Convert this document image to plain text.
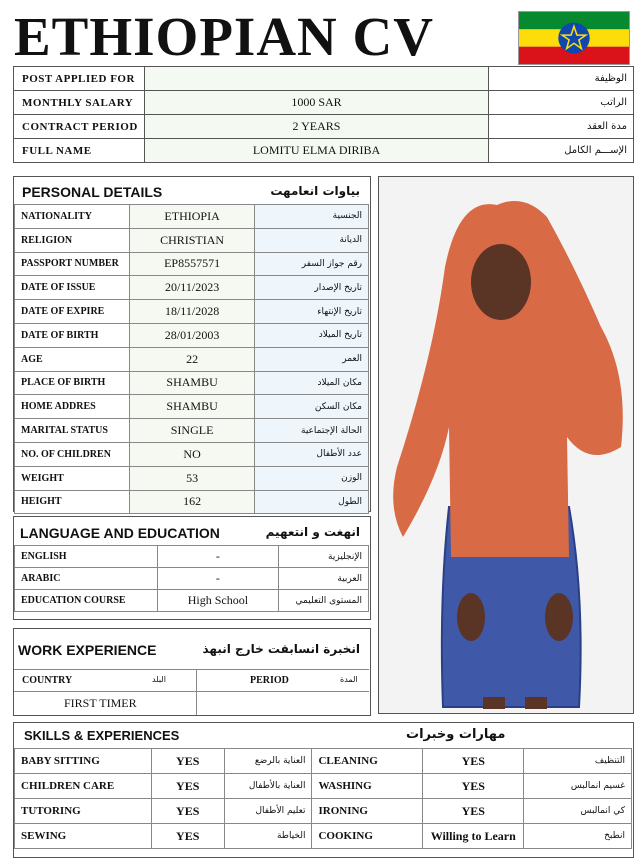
ETHIOPIAN CV
POST APPLIED FOR		الوظيفة
MONTHLY SALARY	1000 SAR	الراتب
CONTRACT PERIOD	2 YEARS	مدة العقد
FULL NAME	LOMITU ELMA DIRIBA	الإســـم الكامل
PERSONAL DETAILS	بياوات انعامهت
NATIONALITY	ETHIOPIA	الجنسية
RELIGION	CHRISTIAN	الديانة
PASSPORT NUMBER	EP8557571	رقم جواز السفر
DATE OF ISSUE	20/11/2023	تاريخ الإصدار
DATE OF EXPIRE	18/11/2028	تاريخ الإنتهاء
DATE OF BIRTH	28/01/2003	تاريخ الميلاد
AGE	22	العمر
PLACE OF BIRTH	SHAMBU	مكان الميلاد
HOME ADDRES	SHAMBU	مكان السكن
MARITAL STATUS	SINGLE	الحالة الإجتماعية
NO. OF CHILDREN	NO	عدد الأطفال
WEIGHT	53	الوزن
HEIGHT	162	الطول
LANGUAGE AND EDUCATION	انهغت و انتعهيم
ENGLISH	-	الإنجليزية
ARABIC	-	العربية
EDUCATION COURSE	High School	المستوى التعليمي
WORK EXPERIENCE	انخبرة انسابقت خارج انبهذ
COUNTRY	البلد	PERIOD	المدة
FIRST TIMER
SKILLS & EXPERIENCES	مهارات وخبرات
BABY SITTING	YES	العناية بالرضع	CLEANING	YES	التنظيف
CHILDREN CARE	YES	العناية بالأطفال	WASHING	YES	غسيم انمالبس
TUTORING	YES	تعليم الأطفال	IRONING	YES	كي انمالبس
SEWING	YES	الخياطة	COOKING	Willing to Learn	انطبخ
